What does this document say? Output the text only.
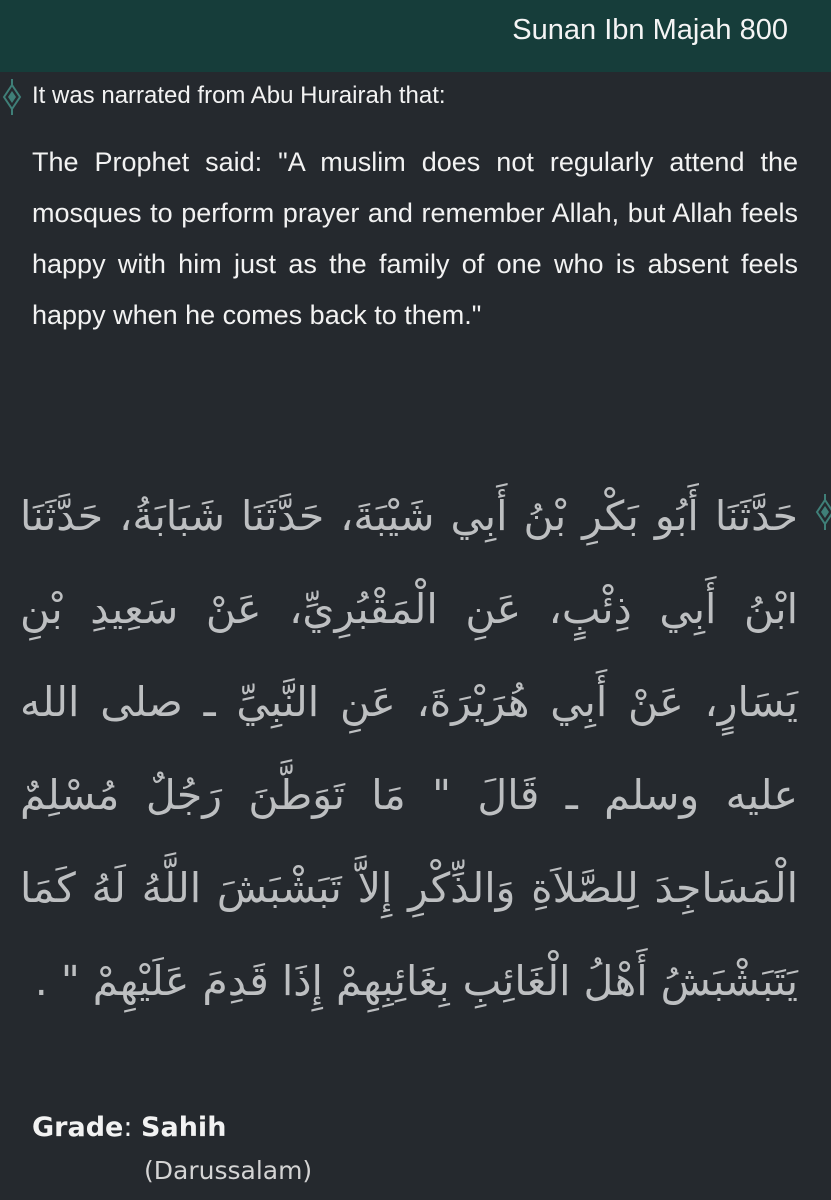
Sunan Ibn Majah 800
It was narrated from Abu Hurairah that:

The Prophet said: "A muslim does not regularly attend the mosques to perform prayer and remember Allah, but Allah feels happy with him just as the family of one who is absent feels happy when he comes back to them."

حَدَّثَنَا أَبُو بَكْرِ بْنُ أَبِي شَيْبَةَ، حَدَّثَنَا شَبَابَةُ، حَدَّثَنَا ابْنُ أَبِي ذِئْبٍ، عَنِ الْمَقْبُرِيِّ، عَنْ سَعِيدِ بْنِ يَسَارٍ، عَنْ أَبِي هُرَيْرَةَ، عَنِ النَّبِيِّ ـ صلى الله عليه وسلم ـ قَالَ " مَا تَوَطَّنَ رَجُلٌ مُسْلِمٌ الْمَسَاجِدَ لِلصَّلاَةِ وَالذِّكْرِ إِلاَّ تَبَشْبَشَ اللَّهُ لَهُ كَمَا يَتَبَشْبَشُ أَهْلُ الْغَائِبِ بِغَائِبِهِمْ إِذَا قَدِمَ عَلَيْهِمْ " .

Grade: Sahih
(Darussalam)
